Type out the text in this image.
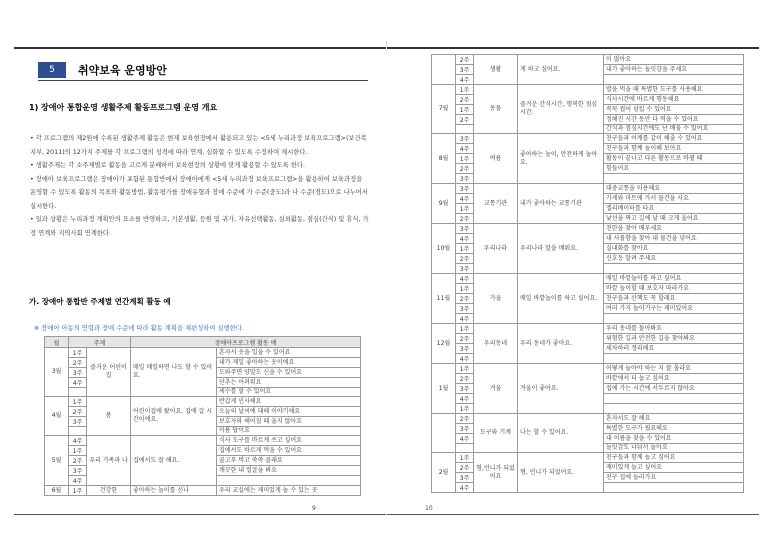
5	취약보육 운영방안
1) 장애아 통합운영 생활주제 활동프로그램 운영 개요

• 각 프로그램의 제2원에 수록된 생활주제 활동은 현재 보육현장에서 활용되고 있는 <5세 누리과정 보육프로그램>(보건복지부, 2011)의 12가지 주제를 각 프로그램의 성격에 따라 연계, 심화할 수 있도록 수정하여 제시한다.

• 생활주제는 각 소주제별로 활동을 고르게 분배하여 보육현장의 상황에 맞게 활용할 수 있도록 한다.

• 장애아 보육프로그램은 장애아가 포함된 통합반에서 장애아에게 <5세 누리과정 보육프로그램>을 활용하여 보육과정을 운영할 수 있도록 활동의 목표와 활동방법, 활동평가를 장애유형과 장애 수준에 가 수준(중도)과 나 수준(경도)으로 나누어서 실시한다.

• 일과 상황은 누리과정 계획안의 요소를 반영하고, 기본생활, 등원 및 귀가, 자유선택활동, 실외활동, 점심(간식) 및 휴식, 가정 연계와 지역사회 연계한다.

가. 장애아 통합반 주제별 연간계획 활동 예
※ 장애아 아동의 연령과 장애 수준에 따라 활동 계획을 재편성하여 실행한다.
월	주제		장애아프로그램 활동 예	
3월	1주	즐거운 어린이집	매일 매일하면 나도 할 수 있어요.	혼자서 옷을 입을 수 있어요
	2주			내가 제일 좋아하는 옷이에요
	3주			도와주면 양말도 신을 수 있어요
	4주			단추는 어려워요
				세수를 할 수 있어요
4월	1주	봄	어린이집에 왔어요. 집에 갈 시간이에요.	반갑게 인사해요
	2주			오늘의 날씨에 대해 이야기해요
	3주			보호자와 헤어질 때 울지 않아요
				이름 답이요
5월	4주	우리 가족과 나	집에서도 잘 해요.	식사 도구를 바르게 쓰고 싶어요
	1주			집에서도 바르게 먹을 수 있어요
	2주			골고루 먹고 쑥쑥 클래요
	3주			깨끗한 내 얼굴을 봐요
	4주			
6월	1주	건강한	좋아하는 놀이를 신나	우리 교실에는 재미있게 놀 수 있는 곳
9
	2주	생활	게 하고 싶어요.	이 많아요
	3주			내가 좋아하는 놀잇감을 주세요
	4주			
7월	1주	동물	즐거운 간식시간, 행복한 점심시간.	밥을 먹을 때 특별한 도구를 사용해요
	2주			식사시간에 바르게 행동해요
	1주			꼭꼭 씹어 삼킬 수 있어요
	2주			정해진 시간 동안 다 먹을 수 있어요
				간식과 점심시간에도 난 배울 수 있어요
8월	3주	여름	좋아하는 놀이, 안전하게 놀아요.	친구들과 어깨를 같이 해줄 수 있어요
	4주			친구들과 함께 놀이해 보아요
	1주			활동이 끝나고 다른 활동으로 바뀔 때
	2주			힘들어요
	3주			
9월	3주	교통기관	내가 좋아하는 교통기관	대중교통을 이용해요
	4주			가게와 마트에 가서 물건을 사요
	1주			엘리베이터를 타요
	2주			낯선을 짜고 길에 날 때 크게 울어요
10월	3주	우리나라	우리나라 말을 배워요.	친한을 찾아 배우세요
	4주			내 사물함을 찾아 내 물건을 넣어요
	1주			실내화를 찾아요
	2주			신호등 알려 주세요
	3주			
11월	4주	가을	매일 바깥놀이를 하고 싶어요.	매일 바깥놀이를 하고 싶어요
	1주			바깥 놀이할 때 보호자 따라가요
	2주			친구들과 산책도 꼭 할래요
	3주			여러 가지 놀이기구는 재미있어요
	4주			
12월	1주	우리동네	우리 동네가 좋아요.	우리 동네를 돌아봐요
	2주			위험한 길과 안전한 길을 찾아봐요
	3주			세차하러 정리해요
	4주			
1월	1주	겨울	겨울이 좋아요.	어떻게 놀아야 하는 지 잘 몰라요
	2주			바깥에서 더 놀고 싶어요
	3주			집에 가는 시간에 서두르지 않아요
	4주			
	1주			
	2주	도구와 기계	나는 할 수 있어요.	혼자서도 잘 해요
	3주			특별한 도구가 필요해요
	4주			내 이름을 찾을 수 있어요
				놀잇감도 나눠서 놀아요
2월	1주	형,언니가 되었어요	형, 언니가 되었어요.	친구들과 함께 놀고 싶어요
	2주			재미있게 놀고 싶어요
	3주			친구 집에 놀러가요
	4주			
10
